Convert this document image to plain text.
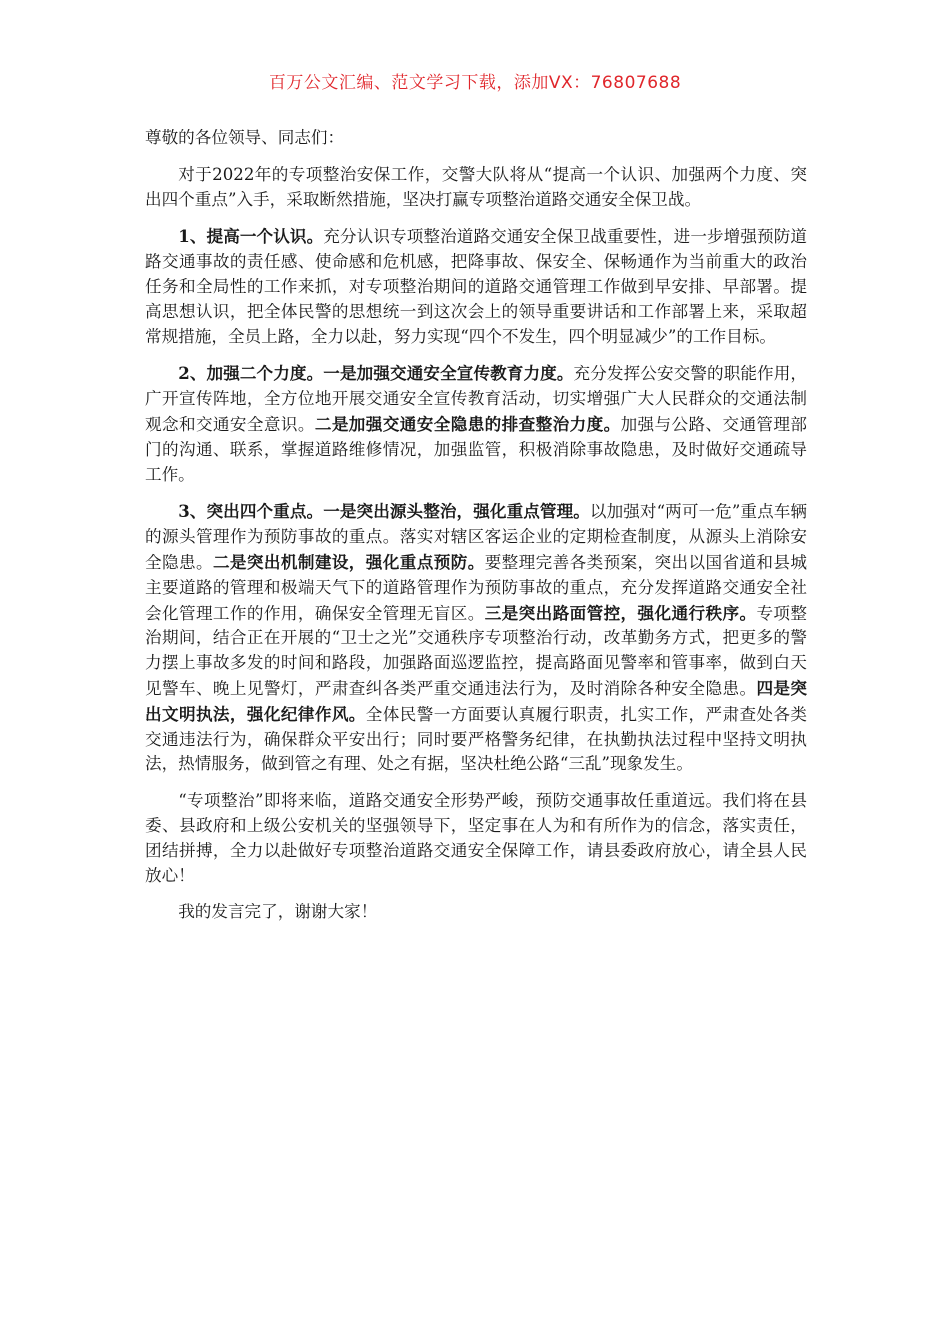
百万公文汇编、范文学习下载，添加VX：76807688

尊敬的各位领导、同志们：

对于2022年的专项整治安保工作，交警大队将从“提高一个认识、加强两个力度、突出四个重点”入手，采取断然措施，坚决打赢专项整治道路交通安全保卫战。

1、提高一个认识。充分认识专项整治道路交通安全保卫战重要性，进一步增强预防道路交通事故的责任感、使命感和危机感，把降事故、保安全、保畅通作为当前重大的政治任务和全局性的工作来抓，对专项整治期间的道路交通管理工作做到早安排、早部署。提高思想认识，把全体民警的思想统一到这次会上的领导重要讲话和工作部署上来，采取超常规措施，全员上路，全力以赴，努力实现“四个不发生，四个明显减少”的工作目标。

2、加强二个力度。一是加强交通安全宣传教育力度。充分发挥公安交警的职能作用，广开宣传阵地，全方位地开展交通安全宣传教育活动，切实增强广大人民群众的交通法制观念和交通安全意识。二是加强交通安全隐患的排查整治力度。加强与公路、交通管理部门的沟通、联系，掌握道路维修情况，加强监管，积极消除事故隐患，及时做好交通疏导工作。

3、突出四个重点。一是突出源头整治，强化重点管理。以加强对“两可一危”重点车辆的源头管理作为预防事故的重点。落实对辖区客运企业的定期检查制度，从源头上消除安全隐患。二是突出机制建设，强化重点预防。要整理完善各类预案，突出以国省道和县城主要道路的管理和极端天气下的道路管理作为预防事故的重点，充分发挥道路交通安全社会化管理工作的作用，确保安全管理无盲区。三是突出路面管控，强化通行秩序。专项整治期间，结合正在开展的“卫士之光”交通秩序专项整治行动，改革勤务方式，把更多的警力摆上事故多发的时间和路段，加强路面巡逻监控，提高路面见警率和管事率，做到白天见警车、晚上见警灯，严肃查纠各类严重交通违法行为，及时消除各种安全隐患。四是突出文明执法，强化纪律作风。全体民警一方面要认真履行职责，扎实工作，严肃查处各类交通违法行为，确保群众平安出行；同时要严格警务纪律，在执勤执法过程中坚持文明执法，热情服务，做到管之有理、处之有据，坚决杜绝公路“三乱”现象发生。

“专项整治”即将来临，道路交通安全形势严峻，预防交通事故任重道远。我们将在县委、县政府和上级公安机关的坚强领导下，坚定事在人为和有所作为的信念，落实责任，团结拼搏，全力以赴做好专项整治道路交通安全保障工作，请县委政府放心，请全县人民放心！

我的发言完了，谢谢大家！
